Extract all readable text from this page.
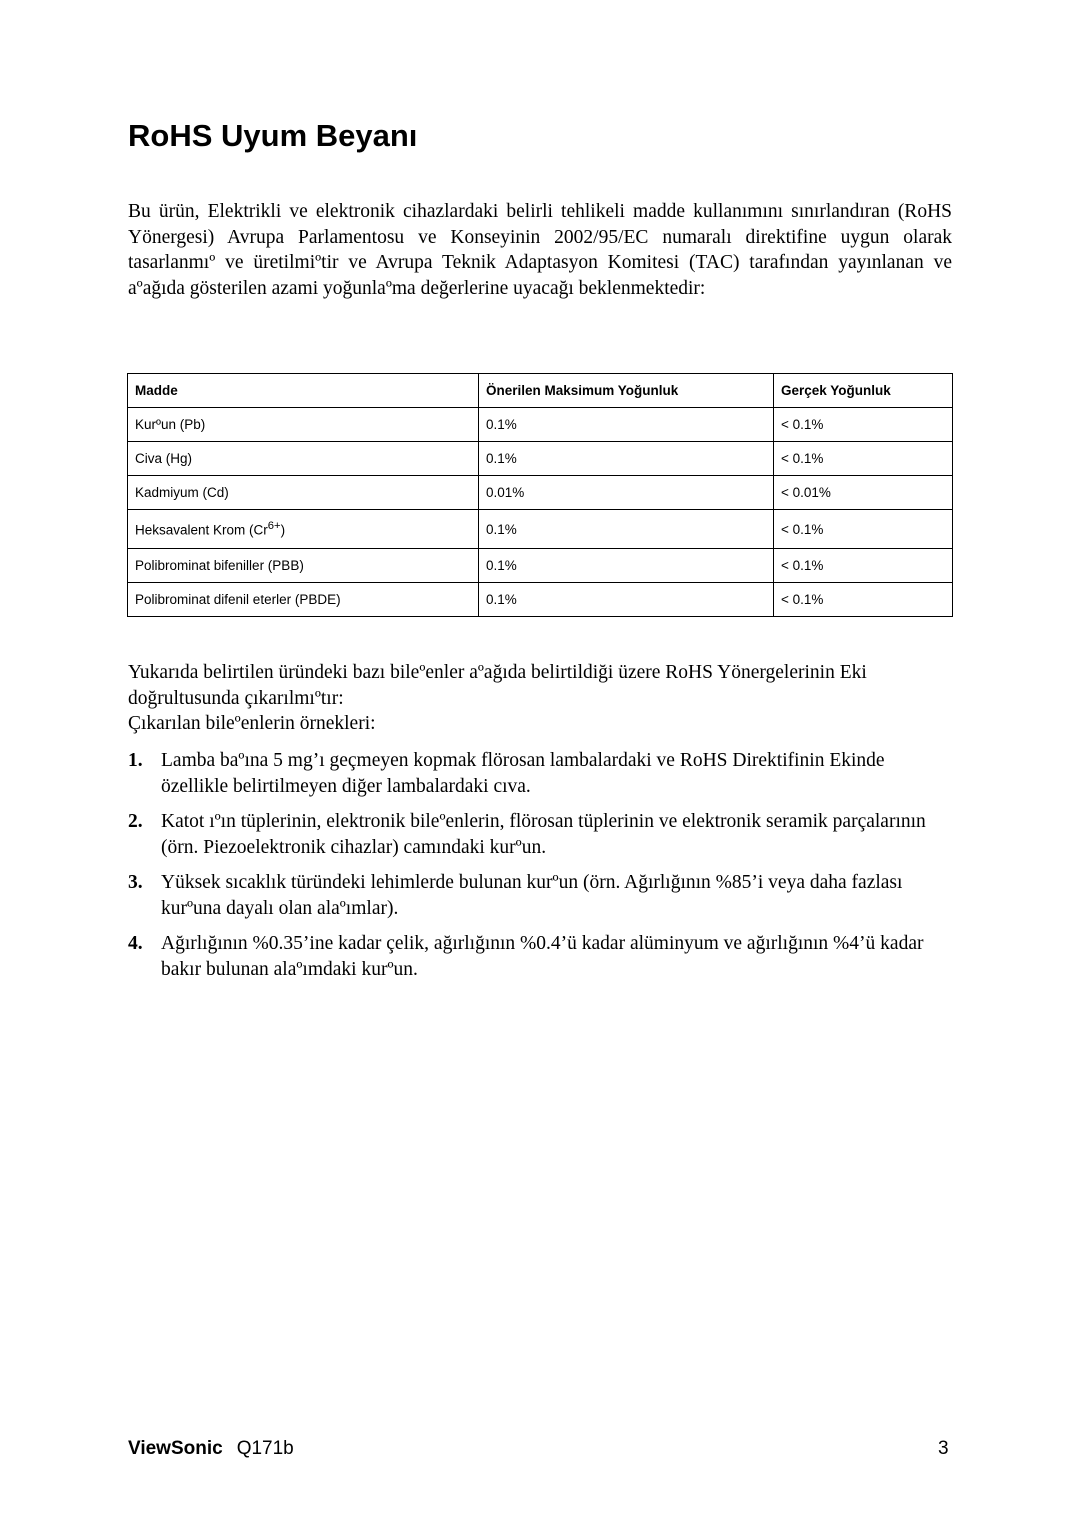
RoHS Uyum Beyanı

Bu ürün, Elektrikli ve elektronik cihazlardaki belirli tehlikeli madde kullanımını sınırlandıran (RoHS Yönergesi) Avrupa Parlamentosu ve Konseyinin 2002/95/EC numaralı direktifine uygun olarak tasarlanmıº ve üretilmiºtir ve Avrupa Teknik Adaptasyon Komitesi (TAC) tarafından yayınlanan ve aºağıda gösterilen azami yoğunlaºma değerlerine uyacağı beklenmektedir:

Madde	Önerilen Maksimum Yoğunluk	Gerçek Yoğunluk
Kurºun (Pb)	0.1%	< 0.1%
Civa (Hg)	0.1%	< 0.1%
Kadmiyum (Cd)	0.01%	< 0.01%
Heksavalent Krom $(Cr^{6+})$	0.1%	< 0.1%
Polibrominat bifeniller (PBB)	0.1%	< 0.1%
Polibrominat difenil eterler (PBDE)	0.1%	< 0.1%

Yukarıda belirtilen üründeki bazı bileºenler aºağıda belirtildiği üzere RoHS Yönergelerinin Eki doğrultusunda çıkarılmıºtır:

Çıkarılan bileºenlerin örnekleri:

1. Lamba baºına 5 mg’ı geçmeyen kopmak flörosan lambalardaki ve RoHS Direktifinin Ekinde özellikle belirtilmeyen diğer lambalardaki cıva.
2. Katot ıºın tüplerinin, elektronik bileºenlerin, flörosan tüplerinin ve elektronik seramik parçalarının (örn. Piezoelektronik cihazlar) camındaki kurºun.
3. Yüksek sıcaklık türündeki lehimlerde bulunan kurºun (örn. Ağırlığının %85’i veya daha fazlası kurºuna dayalı olan alaºımlar).
4. Ağırlığının %0.35’ine kadar çelik, ağırlığının %0.4’ü kadar alüminyum ve ağırlığının %4’ü kadar bakır bulunan alaºımdaki kurºun.
ViewSonic Q171b	3
